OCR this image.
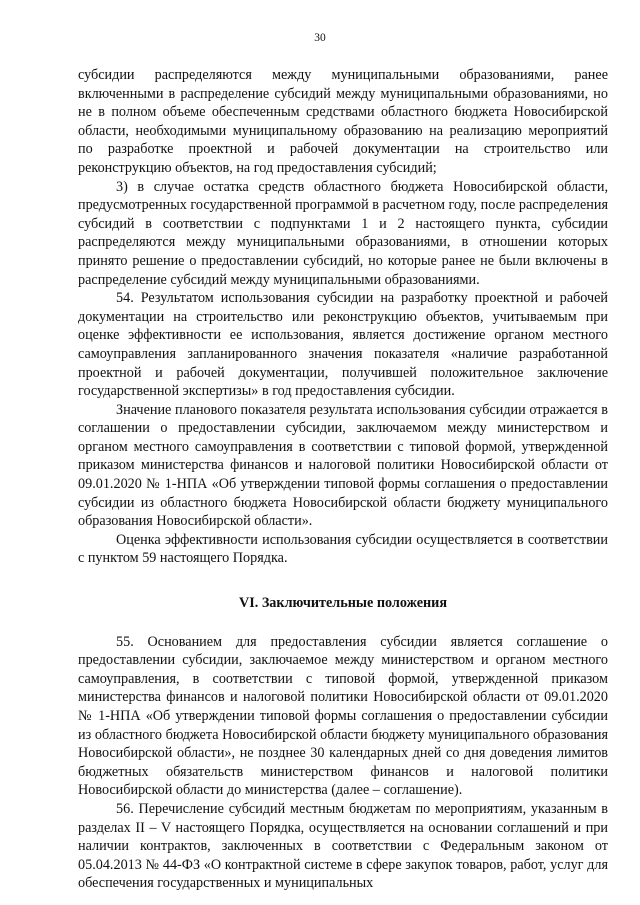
30

субсидии распределяются между муниципальными образованиями, ранее включенными в распределение субсидий между муниципальными образованиями, но не в полном объеме обеспеченным средствами областного бюджета Новосибирской области, необходимыми муниципальному образованию на реализацию мероприятий по разработке проектной и рабочей документации на строительство или реконструкцию объектов, на год предоставления субсидий;

3) в случае остатка средств областного бюджета Новосибирской области, предусмотренных государственной программой в расчетном году, после распределения субсидий в соответствии с подпунктами 1 и 2 настоящего пункта, субсидии распределяются между муниципальными образованиями, в отношении которых принято решение о предоставлении субсидий, но которые ранее не были включены в распределение субсидий между муниципальными образованиями.

54. Результатом использования субсидии на разработку проектной и рабочей документации на строительство или реконструкцию объектов, учитываемым при оценке эффективности ее использования, является достижение органом местного самоуправления запланированного значения показателя «наличие разработанной проектной и рабочей документации, получившей положительное заключение государственной экспертизы» в год предоставления субсидии.

Значение планового показателя результата использования субсидии отражается в соглашении о предоставлении субсидии, заключаемом между министерством и органом местного самоуправления в соответствии с типовой формой, утвержденной приказом министерства финансов и налоговой политики Новосибирской области от 09.01.2020 № 1-НПА «Об утверждении типовой формы соглашения о предоставлении субсидии из областного бюджета Новосибирской области бюджету муниципального образования Новосибирской области».

Оценка эффективности использования субсидии осуществляется в соответствии с пунктом 59 настоящего Порядка.

VI. Заключительные положения

55. Основанием для предоставления субсидии является соглашение о предоставлении субсидии, заключаемое между министерством и органом местного самоуправления, в соответствии с типовой формой, утвержденной приказом министерства финансов и налоговой политики Новосибирской области от 09.01.2020 № 1-НПА «Об утверждении типовой формы соглашения о предоставлении субсидии из областного бюджета Новосибирской области бюджету муниципального образования Новосибирской области», не позднее 30 календарных дней со дня доведения лимитов бюджетных обязательств министерством финансов и налоговой политики Новосибирской области до министерства (далее – соглашение).

56. Перечисление субсидий местным бюджетам по мероприятиям, указанным в разделах II – V настоящего Порядка, осуществляется на основании соглашений и при наличии контрактов, заключенных в соответствии с Федеральным законом от 05.04.2013 № 44-ФЗ «О контрактной системе в сфере закупок товаров, работ, услуг для обеспечения государственных и муниципальных
